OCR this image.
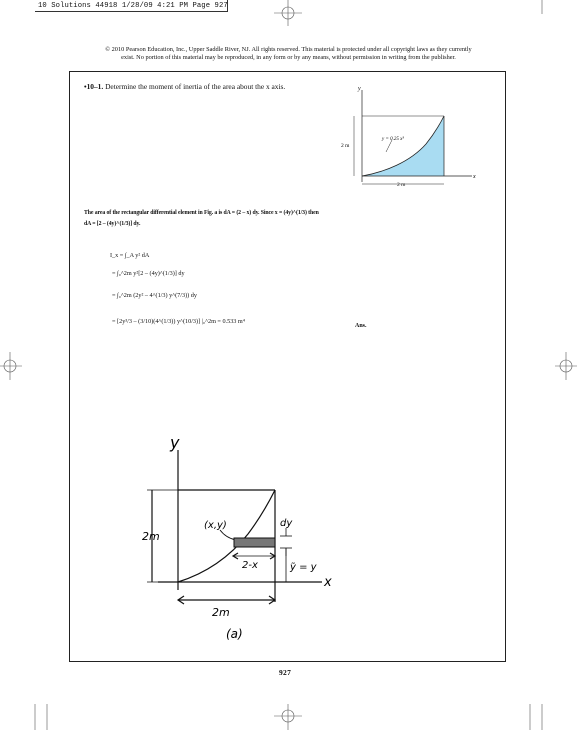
10 Solutions 44918 1/28/09 4:21 PM Page 927
© 2010 Pearson Education, Inc., Upper Saddle River, NJ. All rights reserved. This material is protected under all copyright laws as they currently
exist. No portion of this material may be reproduced, in any form or by any means, without permission in writing from the publisher.
•10–1. Determine the moment of inertia of the area about the x axis.	y
x
y = 0.25 x³
2 m
2 m
The area of the rectangular differential element in Fig. a is dA = (2 – x) dy. Since x = (4y)^(1/3) then
dA = [2 – (4y)^(1/3)] dy.
I_x = ∫_A y² dA
= ∫₀^2m y²[2 – (4y)^(1/3)] dy
= ∫₀^2m (2y² – 4^(1/3) y^(7/3)) dy
= [2y³/3 – (3/10)(4^(1/3)) y^(10/3)] |₀^2m = 0.533 m⁴
Ans.
y
x
2m
2m
(x,y)	dy
2-x	ỹ = y
(a)
927
